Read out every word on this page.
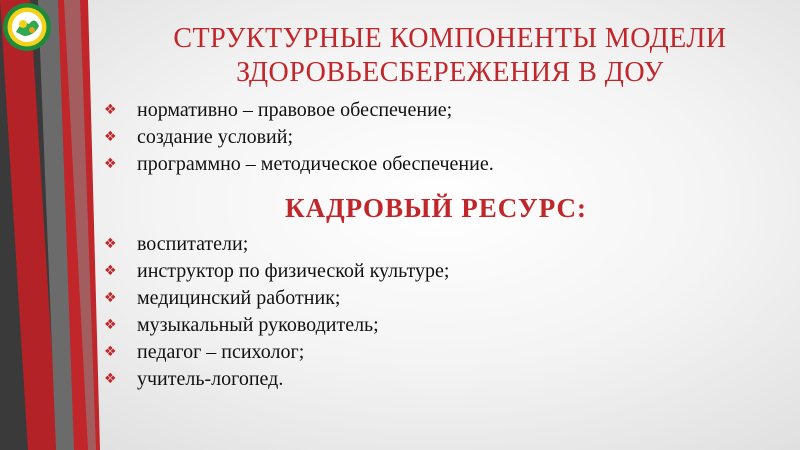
СТРУКТУРНЫЕ КОМПОНЕНТЫ МОДЕЛИ
ЗДОРОВЬЕСБЕРЕЖЕНИЯ В ДОУ
❖ нормативно – правовое обеспечение;
❖ создание условий;
❖ программно – методическое обеспечение.
КАДРОВЫЙ РЕСУРС:
❖ воспитатели;
❖ инструктор по физической культуре;
❖ медицинский работник;
❖ музыкальный руководитель;
❖ педагог – психолог;
❖ учитель-логопед.
